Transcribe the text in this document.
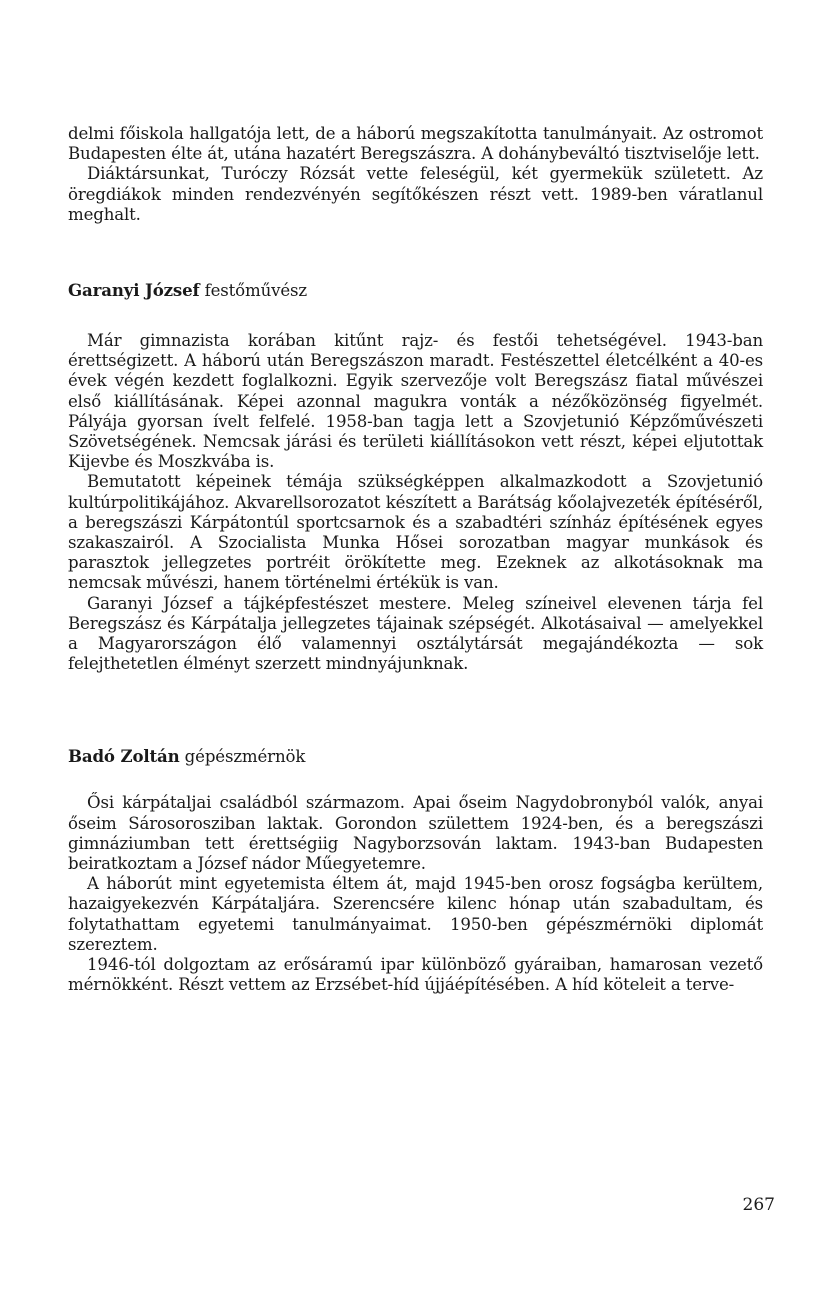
delmi főiskola hallgatója lett, de a háború megszakította tanulmányait. Az ostromot Budapesten élte át, utána hazatért Beregszászra. A dohánybeváltó tisztviselője lett.

Diáktársunkat, Turóczy Rózsát vette feleségül, két gyermekük született. Az öregdiákok minden rendezvényén segítőkészen részt vett. 1989-ben váratlanul meghalt.

Garanyi József festőművész

Már gimnazista korában kitűnt rajz- és festői tehetségével. 1943-ban érettségizett. A háború után Beregszászon maradt. Festészettel életcélként a 40-es évek végén kezdett foglalkozni. Egyik szervezője volt Beregszász fiatal művészei első kiállításának. Képei azonnal magukra vonták a nézőközönség figyelmét. Pályája gyorsan ívelt felfelé. 1958-ban tagja lett a Szovjetunió Képzőművészeti Szövetségének. Nemcsak járási és területi kiállításokon vett részt, képei eljutottak Kijevbe és Moszkvába is.

Bemutatott képeinek témája szükségképpen alkalmazkodott a Szovjetunió kultúrpolitikájához. Akvarellsorozatot készített a Barátság kőolajvezeték építéséről, a beregszászi Kárpátontúl sportcsarnok és a szabadtéri színház építésének egyes szakaszairól. A Szocialista Munka Hősei sorozatban magyar munkások és parasztok jellegzetes portréit örökítette meg. Ezeknek az alkotásoknak ma nemcsak művészi, hanem történelmi értékük is van.

Garanyi József a tájképfestészet mestere. Meleg színeivel elevenen tárja fel Beregszász és Kárpátalja jellegzetes tájainak szépségét. Alkotásaival — amelyekkel a Magyarországon élő valamennyi osztálytársát megajándékozta — sok felejthetetlen élményt szerzett mindnyájunknak.

Badó Zoltán gépészmérnök

Ősi kárpátaljai családból származom. Apai őseim Nagydobronyból valók, anyai őseim Sárosorosziban laktak. Gorondon születtem 1924-ben, és a beregszászi gimnáziumban tett érettségiig Nagyborzsován laktam. 1943-ban Budapesten beiratkoztam a József nádor Műegyetemre.

A háborút mint egyetemista éltem át, majd 1945-ben orosz fogságba kerültem, hazaigyekezvén Kárpátaljára. Szerencsére kilenc hónap után szabadultam, és folytathattam egyetemi tanulmányaimat. 1950-ben gépészmérnöki diplomát szereztem.

1946-tól dolgoztam az erősáramú ipar különböző gyáraiban, hamarosan vezető mérnökként. Részt vettem az Erzsébet-híd újjáépítésében. A híd köteleit a terve-

267
